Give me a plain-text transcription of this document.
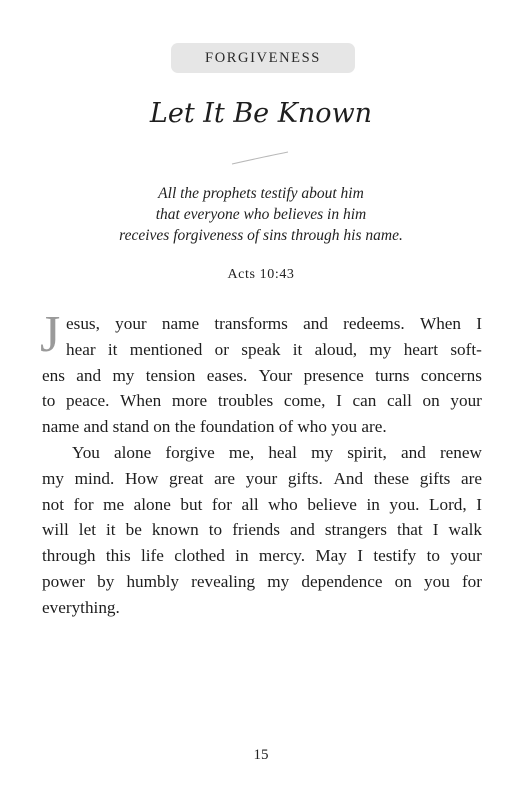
FORGIVENESS
Let It Be Known
All the prophets testify about him
that everyone who believes in him
receives forgiveness of sins through his name.
Acts 10:43
J esus, your name transforms and redeems. When I
hear it mentioned or speak it aloud, my heart soft-
ens and my tension eases. Your presence turns concerns
to peace. When more troubles come, I can call on your
name and stand on the foundation of who you are.
You alone forgive me, heal my spirit, and renew
my mind. How great are your gifts. And these gifts are
not for me alone but for all who believe in you. Lord, I
will let it be known to friends and strangers that I walk
through this life clothed in mercy. May I testify to your
power by humbly revealing my dependence on you for
everything.
15
